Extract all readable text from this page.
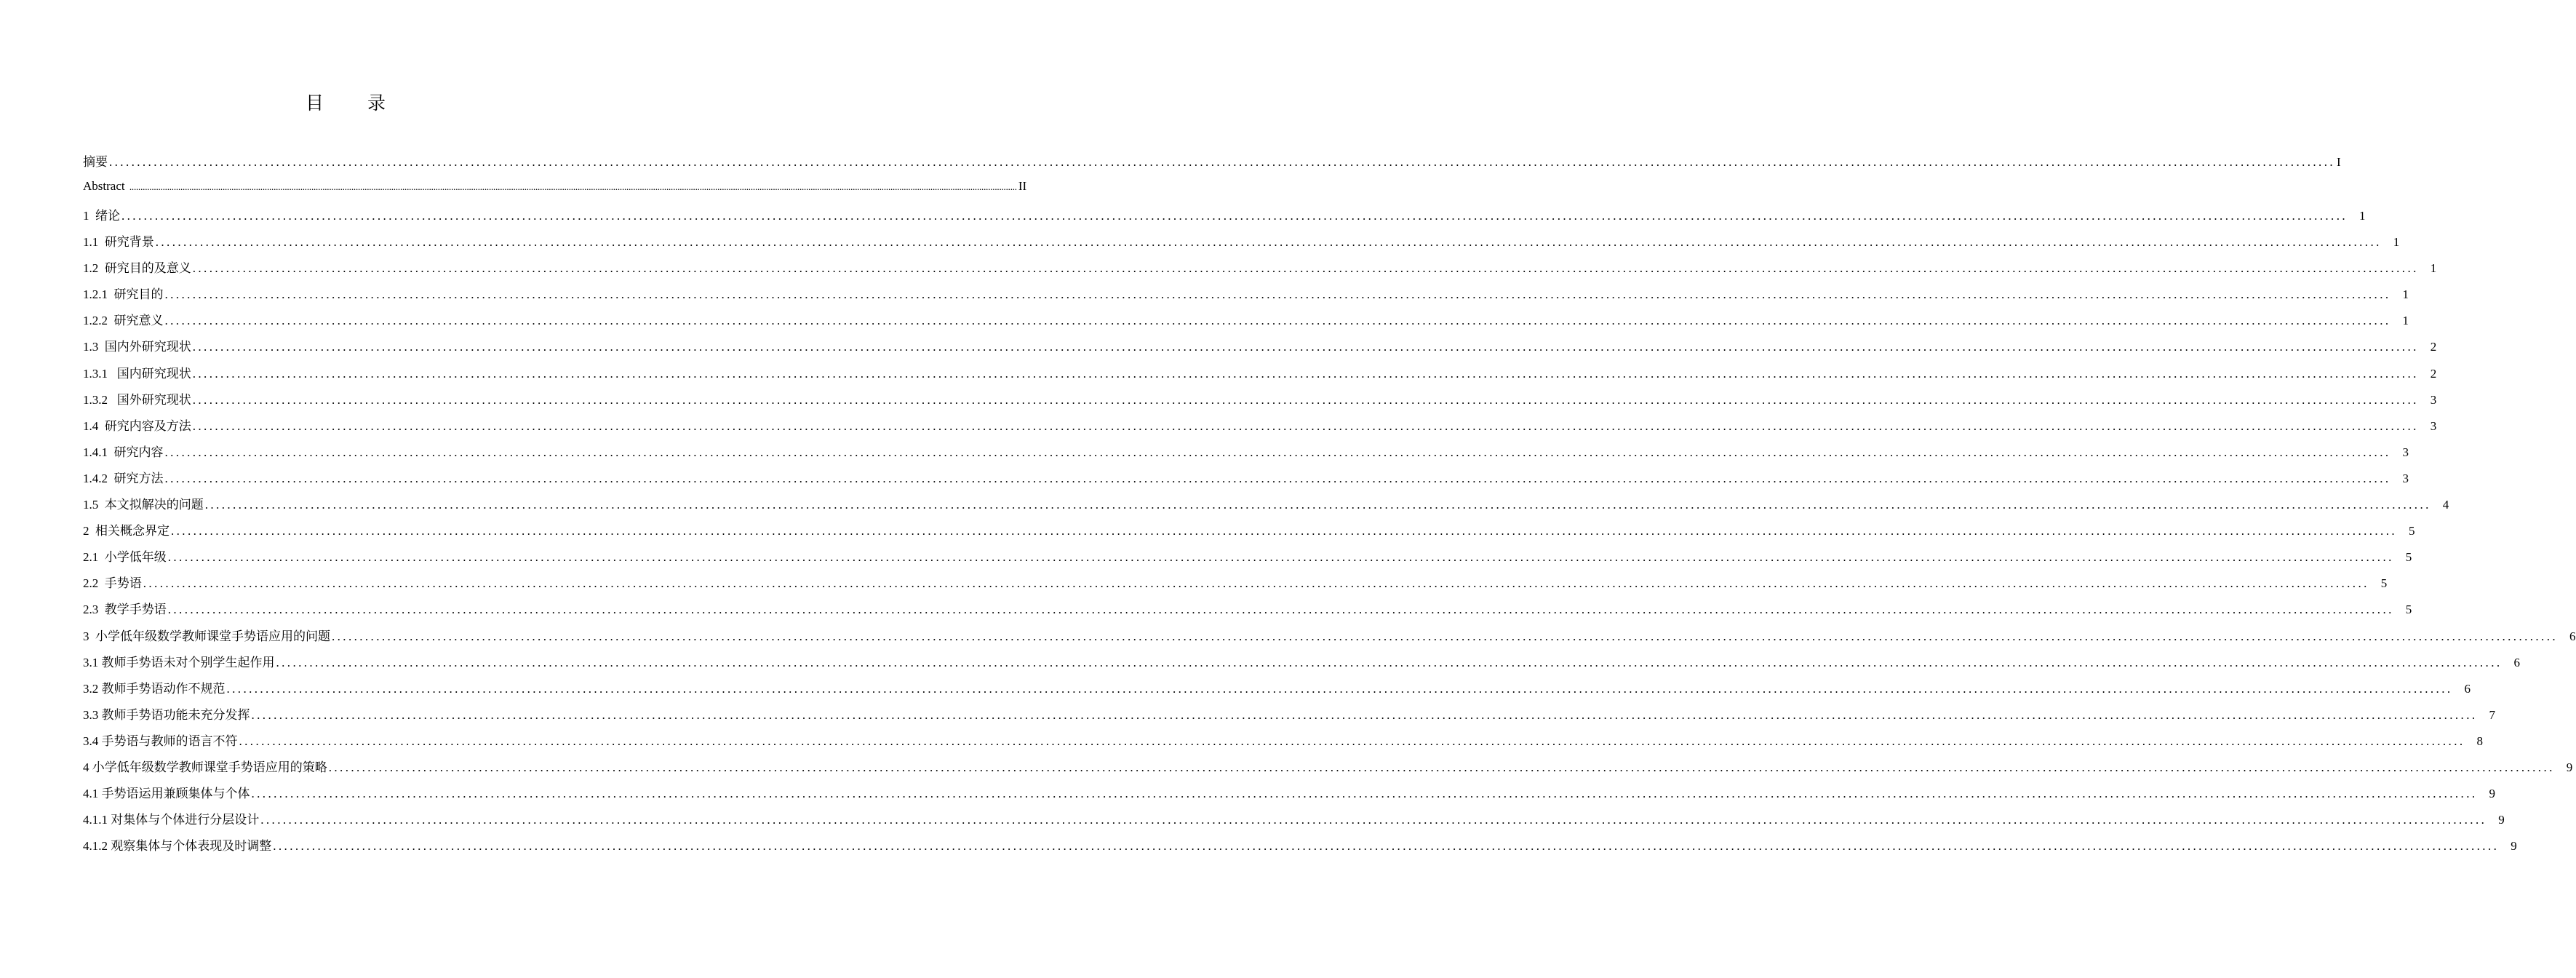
目 录
摘要 ................................................................................................................................................................................................................................................................................................................................................................................................................ I
Abstract ................................................................................................................................................................................................................................................................................................................................................................................................................ II
1  绪论 ................................................................................................................................................................................................................................................................................................................................................................................................................ 1
1.1  研究背景 ................................................................................................................................................................................................................................................................................................................................................................................................................ 1
1.2  研究目的及意义 ................................................................................................................................................................................................................................................................................................................................................................................................................ 1
1.2.1  研究目的 ................................................................................................................................................................................................................................................................................................................................................................................................................ 1
1.2.2  研究意义 ................................................................................................................................................................................................................................................................................................................................................................................................................ 1
1.3  国内外研究现状 ................................................................................................................................................................................................................................................................................................................................................................................................................ 2
1.3.1   国内研究现状 ................................................................................................................................................................................................................................................................................................................................................................................................................ 2
1.3.2   国外研究现状 ................................................................................................................................................................................................................................................................................................................................................................................................................ 3
1.4  研究内容及方法 ................................................................................................................................................................................................................................................................................................................................................................................................................ 3
1.4.1  研究内容 ................................................................................................................................................................................................................................................................................................................................................................................................................ 3
1.4.2  研究方法 ................................................................................................................................................................................................................................................................................................................................................................................................................ 3
1.5  本文拟解决的问题 ................................................................................................................................................................................................................................................................................................................................................................................................................ 4
2  相关概念界定 ................................................................................................................................................................................................................................................................................................................................................................................................................ 5
2.1  小学低年级 ................................................................................................................................................................................................................................................................................................................................................................................................................ 5
2.2  手势语 ................................................................................................................................................................................................................................................................................................................................................................................................................ 5
2.3  教学手势语 ................................................................................................................................................................................................................................................................................................................................................................................................................ 5
3  小学低年级数学教师课堂手势语应用的问题 ................................................................................................................................................................................................................................................................................................................................................................................................................ 6
3.1 教师手势语未对个别学生起作用 ................................................................................................................................................................................................................................................................................................................................................................................................................ 6
3.2 教师手势语动作不规范 ................................................................................................................................................................................................................................................................................................................................................................................................................ 6
3.3 教师手势语功能未充分发挥 ................................................................................................................................................................................................................................................................................................................................................................................................................ 7
3.4 手势语与教师的语言不符 ................................................................................................................................................................................................................................................................................................................................................................................................................ 8
4 小学低年级数学教师课堂手势语应用的策略 ................................................................................................................................................................................................................................................................................................................................................................................................................ 9
4.1 手势语运用兼顾集体与个体 ................................................................................................................................................................................................................................................................................................................................................................................................................ 9
4.1.1 对集体与个体进行分层设计 ................................................................................................................................................................................................................................................................................................................................................................................................................ 9
4.1.2 观察集体与个体表现及时调整 ................................................................................................................................................................................................................................................................................................................................................................................................................ 9
